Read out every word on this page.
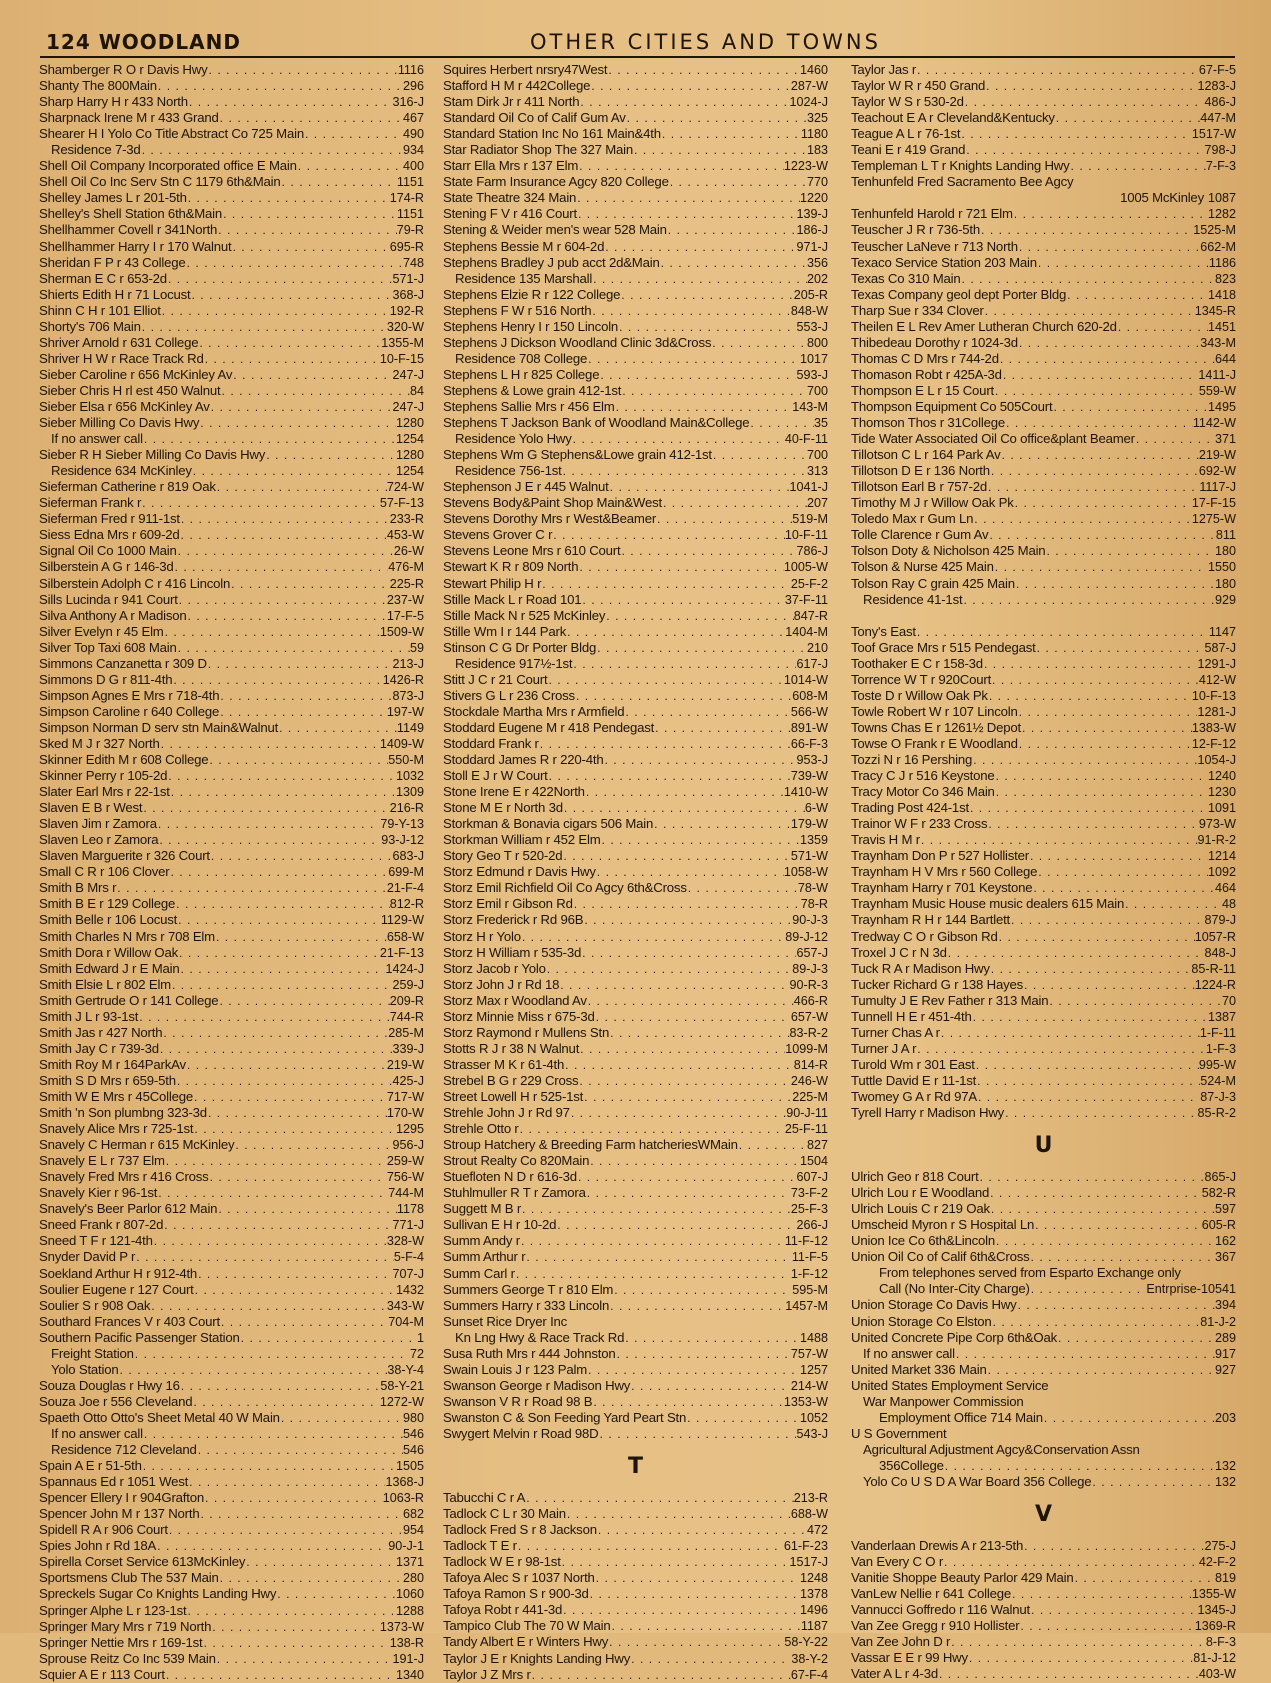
124 WOODLAND	OTHER CITIES AND TOWNS
Shamberger R O r Davis Hwy . . .	1116
Shanty The 800Main . . .	296
Sharp Harry H r 433 North . . .	316-J
Sharpnack Irene M r 433 Grand . . .	467
Shearer H I Yolo Co Title Abstract Co 725 Main . . .	490
Residence 7-3d . . .	934
Shell Oil Company Incorporated office E Main . . .	400
Shell Oil Co Inc Serv Stn C 1179 6th&Main . . .	1151
Shelley James L r 201-5th . . .	174-R
Shelley's Shell Station 6th&Main . . .	1151
Shellhammer Covell r 341North . . .	79-R
Shellhammer Harry I r 170 Walnut . . .	695-R
Sheridan F P r 43 College . . .	748
Sherman E C r 653-2d . . .	571-J
Shierts Edith H r 71 Locust . . .	368-J
Shinn C H r 101 Elliot . . .	192-R
Shorty's 706 Main . . .	320-W
Shriver Arnold r 631 College . . .	1355-M
Shriver H W r Race Track Rd . . .	10-F-15
Sieber Caroline r 656 McKinley Av . . .	247-J
Sieber Chris H rl est 450 Walnut . . .	84
Sieber Elsa r 656 McKinley Av . . .	247-J
Sieber Milling Co Davis Hwy . . .	1280
If no answer call . . .	1254
Sieber R H Sieber Milling Co Davis Hwy . . .	1280
Residence 634 McKinley . . .	1254
Sieferman Catherine r 819 Oak . . .	724-W
Sieferman Frank r . . .	57-F-13
Sieferman Fred r 911-1st . . .	233-R
Siess Edna Mrs r 609-2d . . .	453-W
Signal Oil Co 1000 Main . . .	26-W
Silberstein A G r 146-3d . . .	476-M
Silberstein Adolph C r 416 Lincoln . . .	225-R
Sills Lucinda r 941 Court . . .	237-W
Silva Anthony A r Madison . . .	17-F-5
Silver Evelyn r 45 Elm . . .	1509-W
Silver Top Taxi 608 Main . . .	59
Simmons Canzanetta r 309 D . . .	213-J
Simmons D G r 811-4th . . .	1426-R
Simpson Agnes E Mrs r 718-4th . . .	873-J
Simpson Caroline r 640 College . . .	197-W
Simpson Norman D serv stn Main&Walnut . . .	1149
Sked M J r 327 North . . .	1409-W
Skinner Edith M r 608 College . . .	550-M
Skinner Perry r 105-2d . . .	1032
Slater Earl Mrs r 22-1st . . .	1309
Slaven E B r West . . .	216-R
Slaven Jim r Zamora . . .	79-Y-13
Slaven Leo r Zamora . . .	93-J-12
Slaven Marguerite r 326 Court . . .	683-J
Small C R r 106 Clover . . .	699-M
Smith B Mrs r . . .	21-F-4
Smith B E r 129 College . . .	812-R
Smith Belle r 106 Locust . . .	1129-W
Smith Charles N Mrs r 708 Elm . . .	658-W
Smith Dora r Willow Oak . . .	21-F-13
Smith Edward J r E Main . . .	1424-J
Smith Elsie L r 802 Elm . . .	259-J
Smith Gertrude O r 141 College . . .	209-R
Smith J L r 93-1st . . .	744-R
Smith Jas r 427 North . . .	285-M
Smith Jay C r 739-3d . . .	339-J
Smith Roy M r 164ParkAv . . .	219-W
Smith S D Mrs r 659-5th . . .	425-J
Smith W E Mrs r 45College . . .	717-W
Smith 'n Son plumbng 323-3d . . .	170-W
Snavely Alice Mrs r 725-1st . . .	1295
Snavely C Herman r 615 McKinley . . .	956-J
Snavely E L r 737 Elm . . .	259-W
Snavely Fred Mrs r 416 Cross . . .	756-W
Snavely Kier r 96-1st . . .	744-M
Snavely's Beer Parlor 612 Main . . .	1178
Sneed Frank r 807-2d . . .	771-J
Sneed T F r 121-4th . . .	328-W
Snyder David P r . . .	5-F-4
Soekland Arthur H r 912-4th . . .	707-J
Soulier Eugene r 127 Court . . .	1432
Soulier S r 908 Oak . . .	343-W
Southard Frances V r 403 Court . . .	704-M
Southern Pacific Passenger Station . . .	1
Freight Station . . .	72
Yolo Station . . .	38-Y-4
Souza Douglas r Hwy 16 . . .	58-Y-21
Souza Joe r 556 Cleveland . . .	1272-W
Spaeth Otto Otto's Sheet Metal 40 W Main . . .	980
If no answer call . . .	546
Residence 712 Cleveland . . .	546
Spain A E r 51-5th . . .	1505
Spannaus Ed r 1051 West . . .	1368-J
Spencer Ellery I r 904Grafton . . .	1063-R
Spencer John M r 137 North . . .	682
Spidell R A r 906 Court . . .	954
Spies John r Rd 18A . . .	90-J-1
Spirella Corset Service 613McKinley . . .	1371
Sportsmens Club The 537 Main . . .	280
Spreckels Sugar Co Knights Landing Hwy . . .	1060
Springer Alphe L r 123-1st . . .	1288
Springer Mary Mrs r 719 North . . .	1373-W
Springer Nettie Mrs r 169-1st . . .	138-R
Sprouse Reitz Co Inc 539 Main . . .	191-J
Squier A E r 113 Court . . .	1340
Squires Herbert nrsry47West . . .	1460
Stafford H M r 442College . . .	287-W
Stam Dirk Jr r 411 North . . .	1024-J
Standard Oil Co of Calif Gum Av . . .	325
Standard Station Inc No 161 Main&4th . . .	1180
Star Radiator Shop The 327 Main . . .	183
Starr Ella Mrs r 137 Elm . . .	1223-W
State Farm Insurance Agcy 820 College . . .	770
State Theatre 324 Main . . .	1220
Stening F V r 416 Court . . .	139-J
Stening & Weider men's wear 528 Main . . .	186-J
Stephens Bessie M r 604-2d . . .	971-J
Stephens Bradley J pub acct 2d&Main . . .	356
Residence 135 Marshall . . .	202
Stephens Elzie R r 122 College . . .	205-R
Stephens F W r 516 North . . .	848-W
Stephens Henry I r 150 Lincoln . . .	553-J
Stephens J Dickson Woodland Clinic 3d&Cross . . .	800
Residence 708 College . . .	1017
Stephens L H r 825 College . . .	593-J
Stephens & Lowe grain 412-1st . . .	700
Stephens Sallie Mrs r 456 Elm . . .	143-M
Stephens T Jackson Bank of Woodland Main&College . . .	35
Residence Yolo Hwy . . .	40-F-11
Stephens Wm G Stephens&Lowe grain 412-1st . . .	700
Residence 756-1st . . .	313
Stephenson J E r 445 Walnut . . .	1041-J
Stevens Body&Paint Shop Main&West . . .	207
Stevens Dorothy Mrs r West&Beamer . . .	519-M
Stevens Grover C r . . .	10-F-11
Stevens Leone Mrs r 610 Court . . .	786-J
Stewart K R r 809 North . . .	1005-W
Stewart Philip H r . . .	25-F-2
Stille Mack L r Road 101 . . .	37-F-11
Stille Mack N r 525 McKinley . . .	847-R
Stille Wm I r 144 Park . . .	1404-M
Stinson C G Dr Porter Bldg . . .	210
Residence 917½-1st . . .	617-J
Stitt J C r 21 Court . . .	1014-W
Stivers G L r 236 Cross . . .	608-M
Stockdale Martha Mrs r Armfield . . .	566-W
Stoddard Eugene M r 418 Pendegast . . .	891-W
Stoddard Frank r . . .	66-F-3
Stoddard James R r 220-4th . . .	953-J
Stoll E J r W Court . . .	739-W
Stone Irene E r 422North . . .	1410-W
Stone M E r North 3d . . .	6-W
Storkman & Bonavia cigars 506 Main . . .	179-W
Storkman William r 452 Elm . . .	1359
Story Geo T r 520-2d . . .	571-W
Storz Edmund r Davis Hwy . . .	1058-W
Storz Emil Richfield Oil Co Agcy 6th&Cross . . .	78-W
Storz Emil r Gibson Rd . . .	78-R
Storz Frederick r Rd 96B . . .	90-J-3
Storz H r Yolo . . .	89-J-12
Storz H William r 535-3d . . .	657-J
Storz Jacob r Yolo . . .	89-J-3
Storz John J r Rd 18 . . .	90-R-3
Storz Max r Woodland Av . . .	466-R
Storz Minnie Miss r 675-3d . . .	657-W
Storz Raymond r Mullens Stn . . .	83-R-2
Stotts R J r 38 N Walnut . . .	1099-M
Strasser M K r 61-4th . . .	814-R
Strebel B G r 229 Cross . . .	246-W
Street Lowell H r 525-1st . . .	225-M
Strehle John J r Rd 97 . . .	90-J-11
Strehle Otto r . . .	25-F-11
Stroup Hatchery & Breeding Farm hatcheriesWMain . . .	827
Strout Realty Co 820Main . . .	1504
Stuefloten N D r 616-3d . . .	607-J
Stuhlmuller R T r Zamora . . .	73-F-2
Suggett M B r . . .	25-F-3
Sullivan E H r 10-2d . . .	266-J
Summ Andy r . . .	11-F-12
Summ Arthur r . . .	11-F-5
Summ Carl r . . .	1-F-12
Summers George T r 810 Elm . . .	595-M
Summers Harry r 333 Lincoln . . .	1457-M
Sunset Rice Dryer Inc
Kn Lng Hwy & Race Track Rd . . .	1488
Susa Ruth Mrs r 444 Johnston . . .	757-W
Swain Louis J r 123 Palm . . .	1257
Swanson George r Madison Hwy . . .	214-W
Swanson V R r Road 98 B . . .	1353-W
Swanston C & Son Feeding Yard Peart Stn . . .	1052
Swygert Melvin r Road 98D . . .	543-J
T
Tabucchi C r A . . .	213-R
Tadlock C L r 30 Main . . .	688-W
Tadlock Fred S r 8 Jackson . . .	472
Tadlock T E r . . .	61-F-23
Tadlock W E r 98-1st . . .	1517-J
Tafoya Alec S r 1037 North . . .	1248
Tafoya Ramon S r 900-3d . . .	1378
Tafoya Robt r 441-3d . . .	1496
Tampico Club The 70 W Main . . .	1187
Tandy Albert E r Winters Hwy . . .	58-Y-22
Taylor J E r Knights Landing Hwy . . .	38-Y-2
Taylor J Z Mrs r . . .	67-F-4
Taylor Jas r . . .	67-F-5
Taylor W R r 450 Grand . . .	1283-J
Taylor W S r 530-2d . . .	486-J
Teachout E A r Cleveland&Kentucky . . .	447-M
Teague A L r 76-1st . . .	1517-W
Teani E r 419 Grand . . .	798-J
Templeman L T r Knights Landing Hwy . . .	7-F-3
Tenhunfeld Fred Sacramento Bee Agcy
1005 McKinley 1087
Tenhunfeld Harold r 721 Elm . . .	1282
Teuscher J R r 736-5th . . .	1525-M
Teuscher LaNeve r 713 North . . .	662-M
Texaco Service Station 203 Main . . .	1186
Texas Co 310 Main . . .	823
Texas Company geol dept Porter Bldg . . .	1418
Tharp Sue r 334 Clover . . .	1345-R
Theilen E L Rev Amer Lutheran Church 620-2d . . .	1451
Thibedeau Dorothy r 1024-3d . . .	343-M
Thomas C D Mrs r 744-2d . . .	644
Thomason Robt r 425A-3d . . .	1411-J
Thompson E L r 15 Court . . .	559-W
Thompson Equipment Co 505Court . . .	1495
Thomson Thos r 31College . . .	1142-W
Tide Water Associated Oil Co office&plant Beamer . . .	371
Tillotson C L r 164 Park Av . . .	219-W
Tillotson D E r 136 North . . .	692-W
Tillotson Earl B r 757-2d . . .	1117-J
Timothy M J r Willow Oak Pk . . .	17-F-15
Toledo Max r Gum Ln . . .	1275-W
Tolle Clarence r Gum Av . . .	811
Tolson Doty & Nicholson 425 Main . . .	180
Tolson & Nurse 425 Main . . .	1550
Tolson Ray C grain 425 Main . . .	180
Residence 41-1st . . .	929
Tony's East . . .	1147
Toof Grace Mrs r 515 Pendegast . . .	587-J
Toothaker E C r 158-3d . . .	1291-J
Torrence W T r 920Court . . .	412-W
Toste D r Willow Oak Pk . . .	10-F-13
Towle Robert W r 107 Lincoln . . .	1281-J
Towns Chas E r 1261½ Depot . . .	1383-W
Towse O Frank r E Woodland . . .	12-F-12
Tozzi N r 16 Pershing . . .	1054-J
Tracy C J r 516 Keystone . . .	1240
Tracy Motor Co 346 Main . . .	1230
Trading Post 424-1st . . .	1091
Trainor W F r 233 Cross . . .	973-W
Travis H M r . . .	91-R-2
Traynham Don P r 527 Hollister . . .	1214
Traynham H V Mrs r 560 College . . .	1092
Traynham Harry r 701 Keystone . . .	464
Traynham Music House music dealers 615 Main . . .	48
Traynham R H r 144 Bartlett . . .	879-J
Tredway C O r Gibson Rd . . .	1057-R
Troxel J C r N 3d . . .	848-J
Tuck R A r Madison Hwy . . .	85-R-11
Tucker Richard G r 138 Hayes . . .	1224-R
Tumulty J E Rev Father r 313 Main . . .	70
Tunnell H E r 451-4th . . .	1387
Turner Chas A r . . .	1-F-11
Turner J A r . . .	1-F-3
Turold Wm r 301 East . . .	995-W
Tuttle David E r 11-1st . . .	524-M
Twomey G A r Rd 97A . . .	87-J-3
Tyrell Harry r Madison Hwy . . .	85-R-2
U
Ulrich Geo r 818 Court . . .	865-J
Ulrich Lou r E Woodland . . .	582-R
Ulrich Louis C r 219 Oak . . .	597
Umscheid Myron r S Hospital Ln . . .	605-R
Union Ice Co 6th&Lincoln . . .	162
Union Oil Co of Calif 6th&Cross . . .	367
From telephones served from Esparto Exchange only
Call (No Inter-City Charge) . . .	Entrprise-10541
Union Storage Co Davis Hwy . . .	394
Union Storage Co Elston . . .	81-J-2
United Concrete Pipe Corp 6th&Oak . . .	289
If no answer call . . .	917
United Market 336 Main . . .	927
United States Employment Service
War Manpower Commission
Employment Office 714 Main . . .	203
U S Government
Agricultural Adjustment Agcy&Conservation Assn
356College . . .	132
Yolo Co U S D A War Board 356 College . . .	132
V
Vanderlaan Drewis A r 213-5th . . .	275-J
Van Every C O r . . .	42-F-2
Vanitie Shoppe Beauty Parlor 429 Main . . .	819
VanLew Nellie r 641 College . . .	1355-W
Vannucci Goffredo r 116 Walnut . . .	1345-J
Van Zee Gregg r 910 Hollister . . .	1369-R
Van Zee John D r . . .	8-F-3
Vassar E E r 99 Hwy . . .	81-J-12
Vater A L r 4-3d . . .	403-W
